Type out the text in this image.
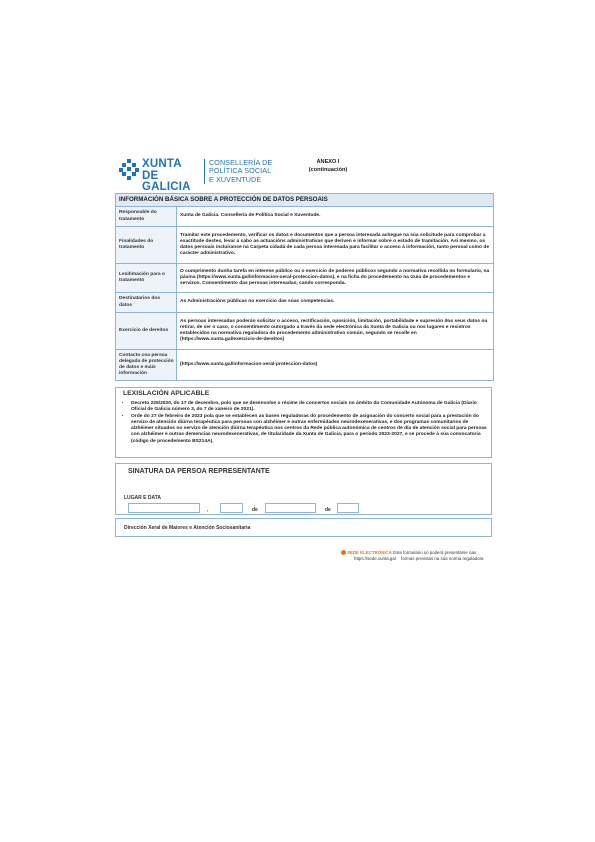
XUNTA
DE GALICIA
CONSELLERÍA DE
POLÍTICA SOCIAL
E XUVENTUDE
ANEXO I
(continuación)
INFORMACIÓN BÁSICA SOBRE A PROTECCIÓN DE DATOS PERSOAIS
Responsable do tratamento
Xunta de Galicia. Consellería de Política Social e Xuventude.
Finalidades do tratamento
Tramitar este procedemento, verificar os datos e documentos que a persoa interesada achegue na súa solicitude para comprobar a exactitude destes, levar a cabo as actuacións administrativas que deriven e informar sobre o estado de tramitación. Así mesmo, os datos persoais incluíranse na Carpeta cidadá de cada persoa interesada para facilitar o acceso á información, tanto persoal como de carácter administrativo.
Lexitimación para o tratamento
O cumprimento dunha tarefa en interese público ou o exercicio de poderes públicos segundo a normativa recollida no formulario, na páxina (https://www.xunta.gal/informacion-xeral-proteccion-datos), e na ficha do procedemento na Guía de procedementos e servizos. Consentimento das persoas interesadas, cando corresponda.
Destinatarios dos datos
As Administracións públicas no exercicio das súas competencias.
Exercicio de dereitos
As persoas interesadas poderán solicitar o acceso, rectificación, oposición, limitación, portabilidade e supresión dos seus datos ou retirar, de ser o caso, o consentimento outorgado a través da sede electrónica da Xunta de Galicia ou nos lugares e rexistros establecidos na normativa reguladora do procedemento administrativo común, segundo se recolle en (https://www.xunta.gal/exercicio-de-dereitos)
Contacto coa persoa delegada de protección de datos e máis información
(https://www.xunta.gal/informacion-xeral-proteccion-datos)
LEXISLACIÓN APLICABLE
• Decreto 225/2020, do 17 de decembro, polo que se desenvolve o réxime de concertos sociais no ámbito da Comunidade Autónoma de Galicia (Diario Oficial de Galicia número 3, do 7 de xaneiro de 2021).
• Orde do 27 de febreiro de 2023 pola que se establecen as bases reguladoras do procedemento de asignación do concerto social para a prestación do servizo de atención diúrna terapéutica para persoas con alzhéimer e outras enfermidades neurodexenerativas, e dos programas comunitarios de alzhéimer situados no servizo de atención diúrna terapéutica nos centros da Rede pública autonómica de centros de día de atención social para persoas con alzhéimer e outras demencias neurodexenerativas, de titularidade da Xunta de Galicia, para o período 2023-2027, e se procede á súa convocatoria (código de procedemento BS214A).
SINATURA DA PERSOA REPRESENTANTE
LUGAR E DATA
,	de	de
Dirección Xeral de Maiores e Atención Sociosanitaria
SEDE ELECTRÓNICA Este formulario só poderá presentarse nas
https://sede.xunta.gal formas previstas na súa norma reguladora
